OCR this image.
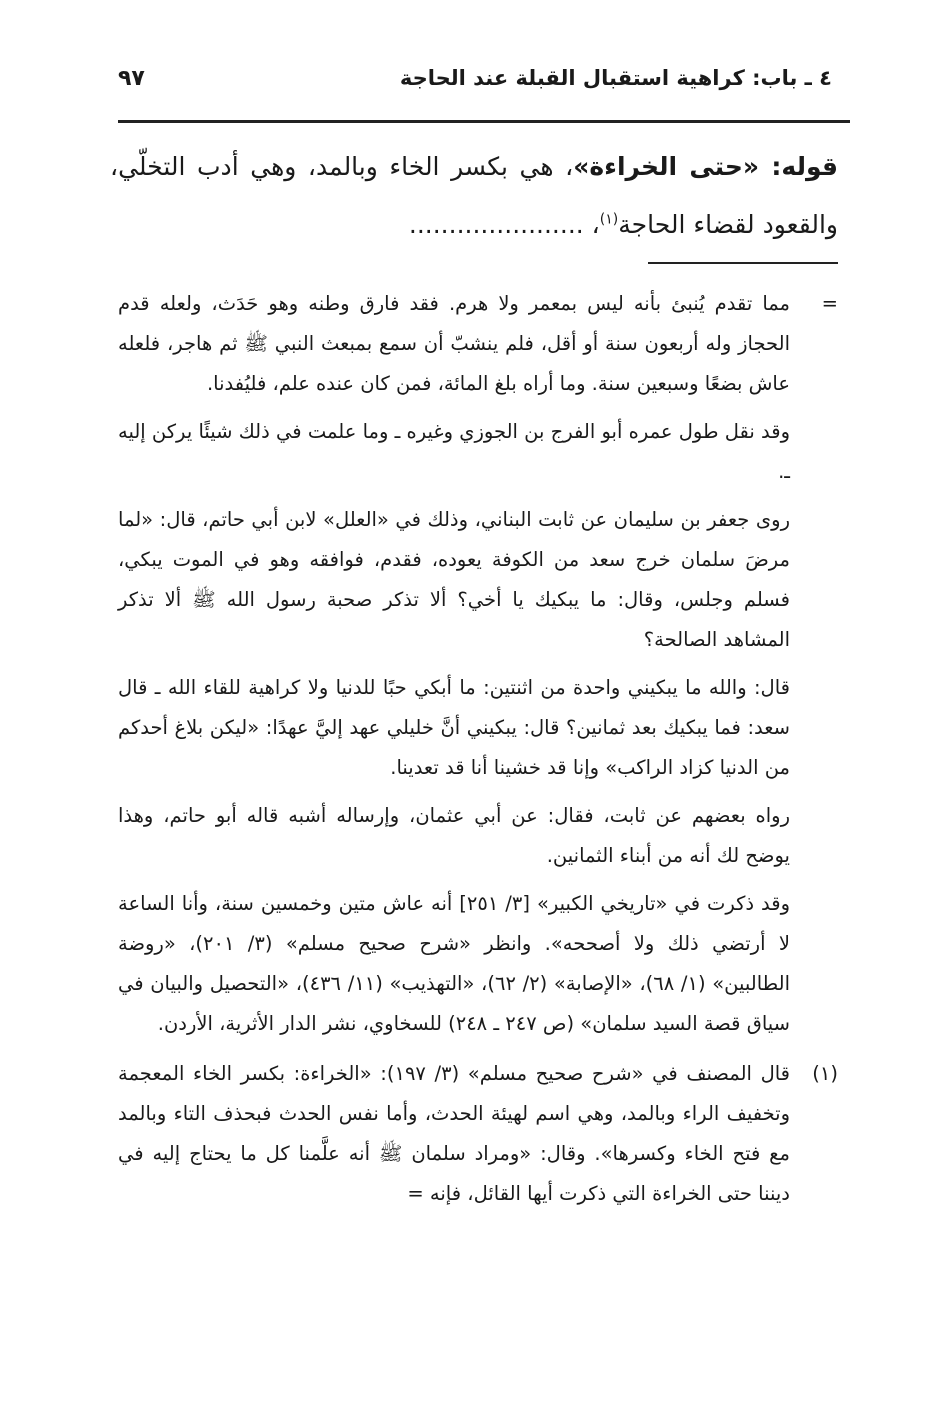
٤ ـ باب: كراهية استقبال القبلة عند الحاجة
٩٧
قوله: «حتى الخراءة»، هي بكسر الخاء وبالمد، وهي أدب التخلّي، والقعود لقضاء الحاجة$^{(١)}$، ......................

=
مما تقدم يُنبئ بأنه ليس بمعمر ولا هرم. فقد فارق وطنه وهو حَدَث، ولعله قدم الحجاز وله أربعون سنة أو أقل، فلم ينشبّ أن سمع بمبعث النبي ﷺ ثم هاجر، فلعله عاش بضعًا وسبعين سنة. وما أراه بلغ المائة، فمن كان عنده علم، فليُفدنا.

وقد نقل طول عمره أبو الفرج بن الجوزي وغيره ـ وما علمت في ذلك شيئًا يركن إليه ـ.

روى جعفر بن سليمان عن ثابت البناني، وذلك في «العلل» لابن أبي حاتم، قال: «لما مرضَ سلمان خرج سعد من الكوفة يعوده، فقدم، فوافقه وهو في الموت يبكي، فسلم وجلس، وقال: ما يبكيك يا أخي؟ ألا تذكر صحبة رسول الله ﷺ ألا تذكر المشاهد الصالحة؟

قال: والله ما يبكيني واحدة من اثنتين: ما أبكي حبًا للدنيا ولا كراهية للقاء الله ـ قال سعد: فما يبكيك بعد ثمانين؟ قال: يبكيني أنَّ خليلي عهد إليَّ عهدًا: «ليكن بلاغ أحدكم من الدنيا كزاد الراكب» وإنا قد خشينا أنا قد تعدينا.

رواه بعضهم عن ثابت، فقال: عن أبي عثمان، وإرساله أشبه قاله أبو حاتم، وهذا يوضح لك أنه من أبناء الثمانين.

وقد ذكرت في «تاريخي الكبير» [٣/ ٢٥١] أنه عاش متين وخمسين سنة، وأنا الساعة لا أرتضي ذلك ولا أصححه». وانظر «شرح صحيح مسلم» (٣/ ٢٠١)، «روضة الطالبين» (١/ ٦٨)، «الإصابة» (٢/ ٦٢)، «التهذيب» (١١/ ٤٣٦)، «التحصيل والبيان في سياق قصة السيد سلمان» (ص ٢٤٧ ـ ٢٤٨) للسخاوي، نشر الدار الأثرية، الأردن.

(١)
قال المصنف في «شرح صحيح مسلم» (٣/ ١٩٧): «الخراءة: بكسر الخاء المعجمة وتخفيف الراء وبالمد، وهي اسم لهيئة الحدث، وأما نفس الحدث فبحذف التاء وبالمد مع فتح الخاء وكسرها». وقال: «ومراد سلمان ﷺ أنه علَّمنا كل ما يحتاج إليه في ديننا حتى الخراءة التي ذكرت أيها القائل، فإنه =
